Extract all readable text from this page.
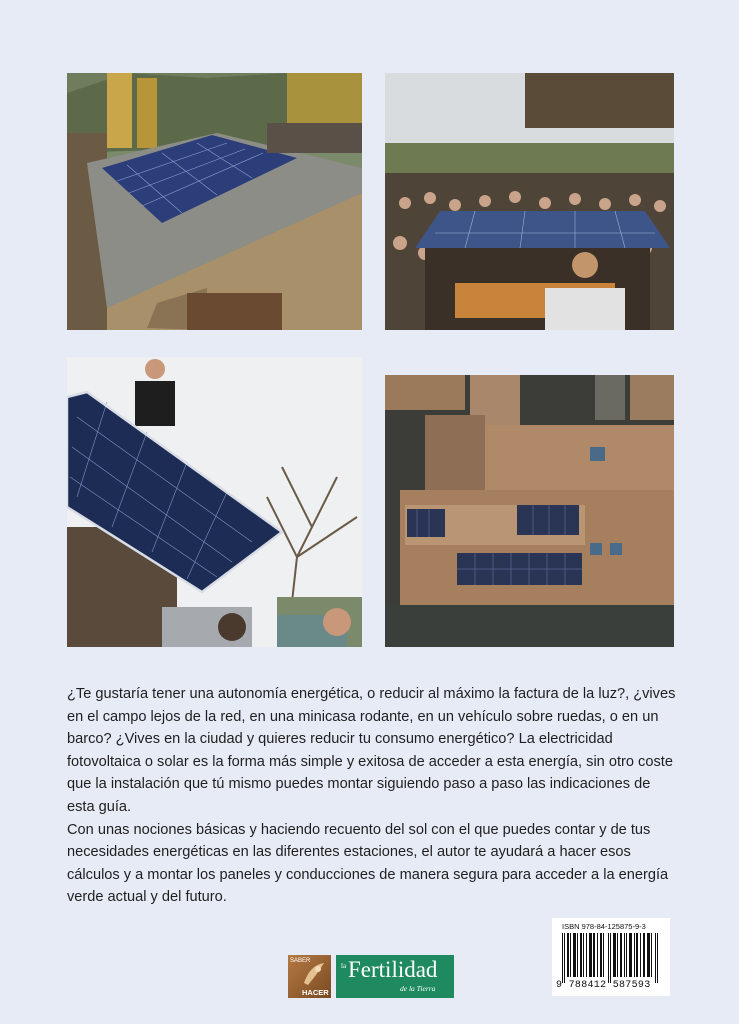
¿Te gustaría tener una autonomía energética, o reducir al máximo la factura de la luz?, ¿vives en el campo lejos de la red, en una minicasa rodante, en un vehículo sobre ruedas, o en un barco? ¿Vives en la ciudad y quieres reducir tu consumo energético? La electricidad fotovoltaica o solar es la forma más simple y exitosa de acceder a esta energía, sin otro coste que la instalación que tú mismo puedes montar siguiendo paso a paso las indicaciones de esta guía.

Con unas nociones básicas y haciendo recuento del sol con el que puedes contar y de tus necesidades energéticas en las diferentes estaciones, el autor te ayudará a hacer esos cálculos y a montar los paneles y conducciones de manera segura para acceder a la energía verde actual y del futuro.

SABER
HACER
la Fertilidad
de la Tierra
ISBN 978-84-125875-9-3
9 788412 587593
